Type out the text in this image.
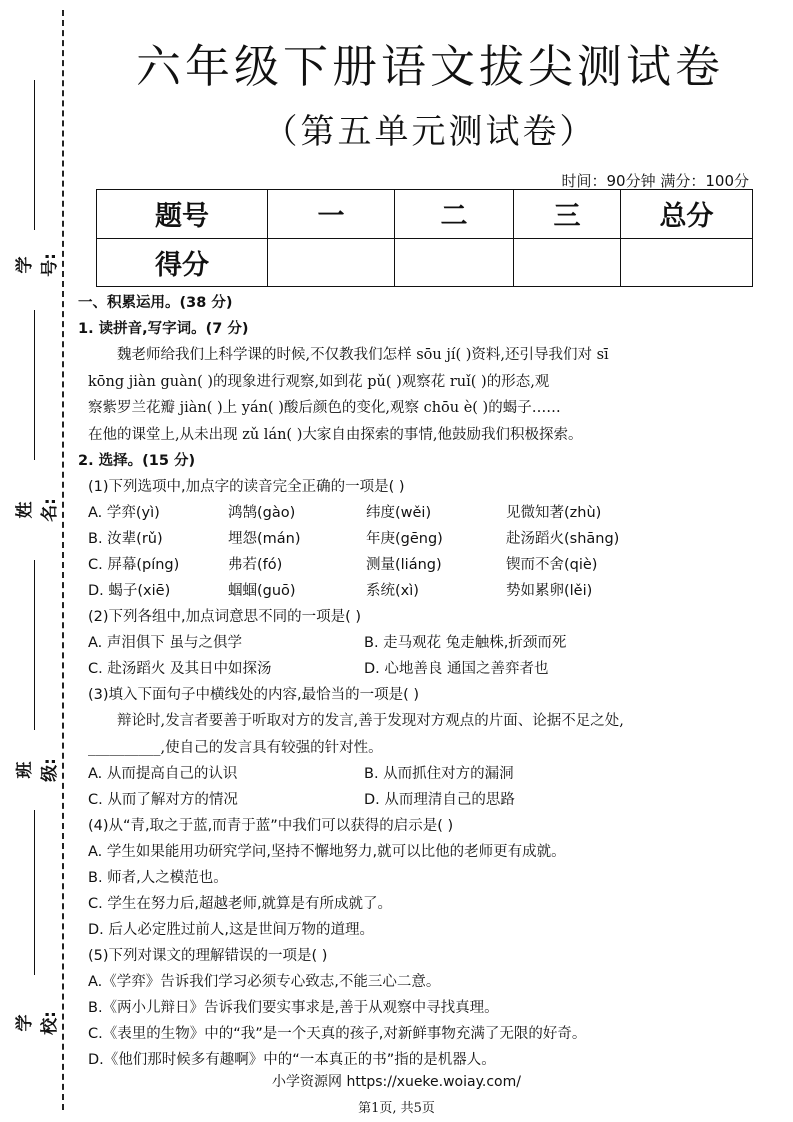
学号:
姓名:
班级:
学校:
六年级下册语文拔尖测试卷
（第五单元测试卷）
时间：90分钟 满分：100分
题号	一	二	三	总分
得分				
一、积累运用。(38 分)
1. 读拼音,写字词。(7 分)
魏老师给我们上科学课的时候,不仅教我们怎样 sōu jí( )资料,还引导我们对 sī
kōng jiàn guàn( )的现象进行观察,如到花 pǔ( )观察花 ruǐ( )的形态,观
察紫罗兰花瓣 jiàn( )上 yán( )酸后颜色的变化,观察 chōu è( )的蝎子……
在他的课堂上,从未出现 zǔ lán( )大家自由探索的事情,他鼓励我们积极探索。
2. 选择。(15 分)
(1)下列选项中,加点字的读音完全正确的一项是( )
A. 学弈(yì)	鸿鹄(gào)	纬度(wěi)	见微知著(zhù)
B. 汝辈(rǔ)	埋怨(mán)	年庚(gēng)	赴汤蹈火(shāng)
C. 屏幕(píng)	弗若(fó)	测量(liáng)	锲而不舍(qiè)
D. 蝎子(xiē)	蝈蝈(guō)	系统(xì)	势如累卵(lěi)
(2)下列各组中,加点词意思不同的一项是( )
A. 声泪俱下 虽与之俱学	B. 走马观花 兔走触株,折颈而死
C. 赴汤蹈火 及其日中如探汤	D. 心地善良 通国之善弈者也
(3)填入下面句子中横线处的内容,最恰当的一项是( )
辩论时,发言者要善于听取对方的发言,善于发现对方观点的片面、论据不足之处,
__________,使自己的发言具有较强的针对性。
A. 从而提高自己的认识	B. 从而抓住对方的漏洞
C. 从而了解对方的情况	D. 从而理清自己的思路
(4)从“青,取之于蓝,而青于蓝”中我们可以获得的启示是( )
A. 学生如果能用功研究学问,坚持不懈地努力,就可以比他的老师更有成就。
B. 师者,人之模范也。
C. 学生在努力后,超越老师,就算是有所成就了。
D. 后人必定胜过前人,这是世间万物的道理。
(5)下列对课文的理解错误的一项是( )
A.《学弈》告诉我们学习必须专心致志,不能三心二意。
B.《两小儿辩日》告诉我们要实事求是,善于从观察中寻找真理。
C.《表里的生物》中的“我”是一个天真的孩子,对新鲜事物充满了无限的好奇。
D.《他们那时候多有趣啊》中的“一本真正的书”指的是机器人。
小学资源网 https://xueke.woiay.com/
第1页, 共5页
